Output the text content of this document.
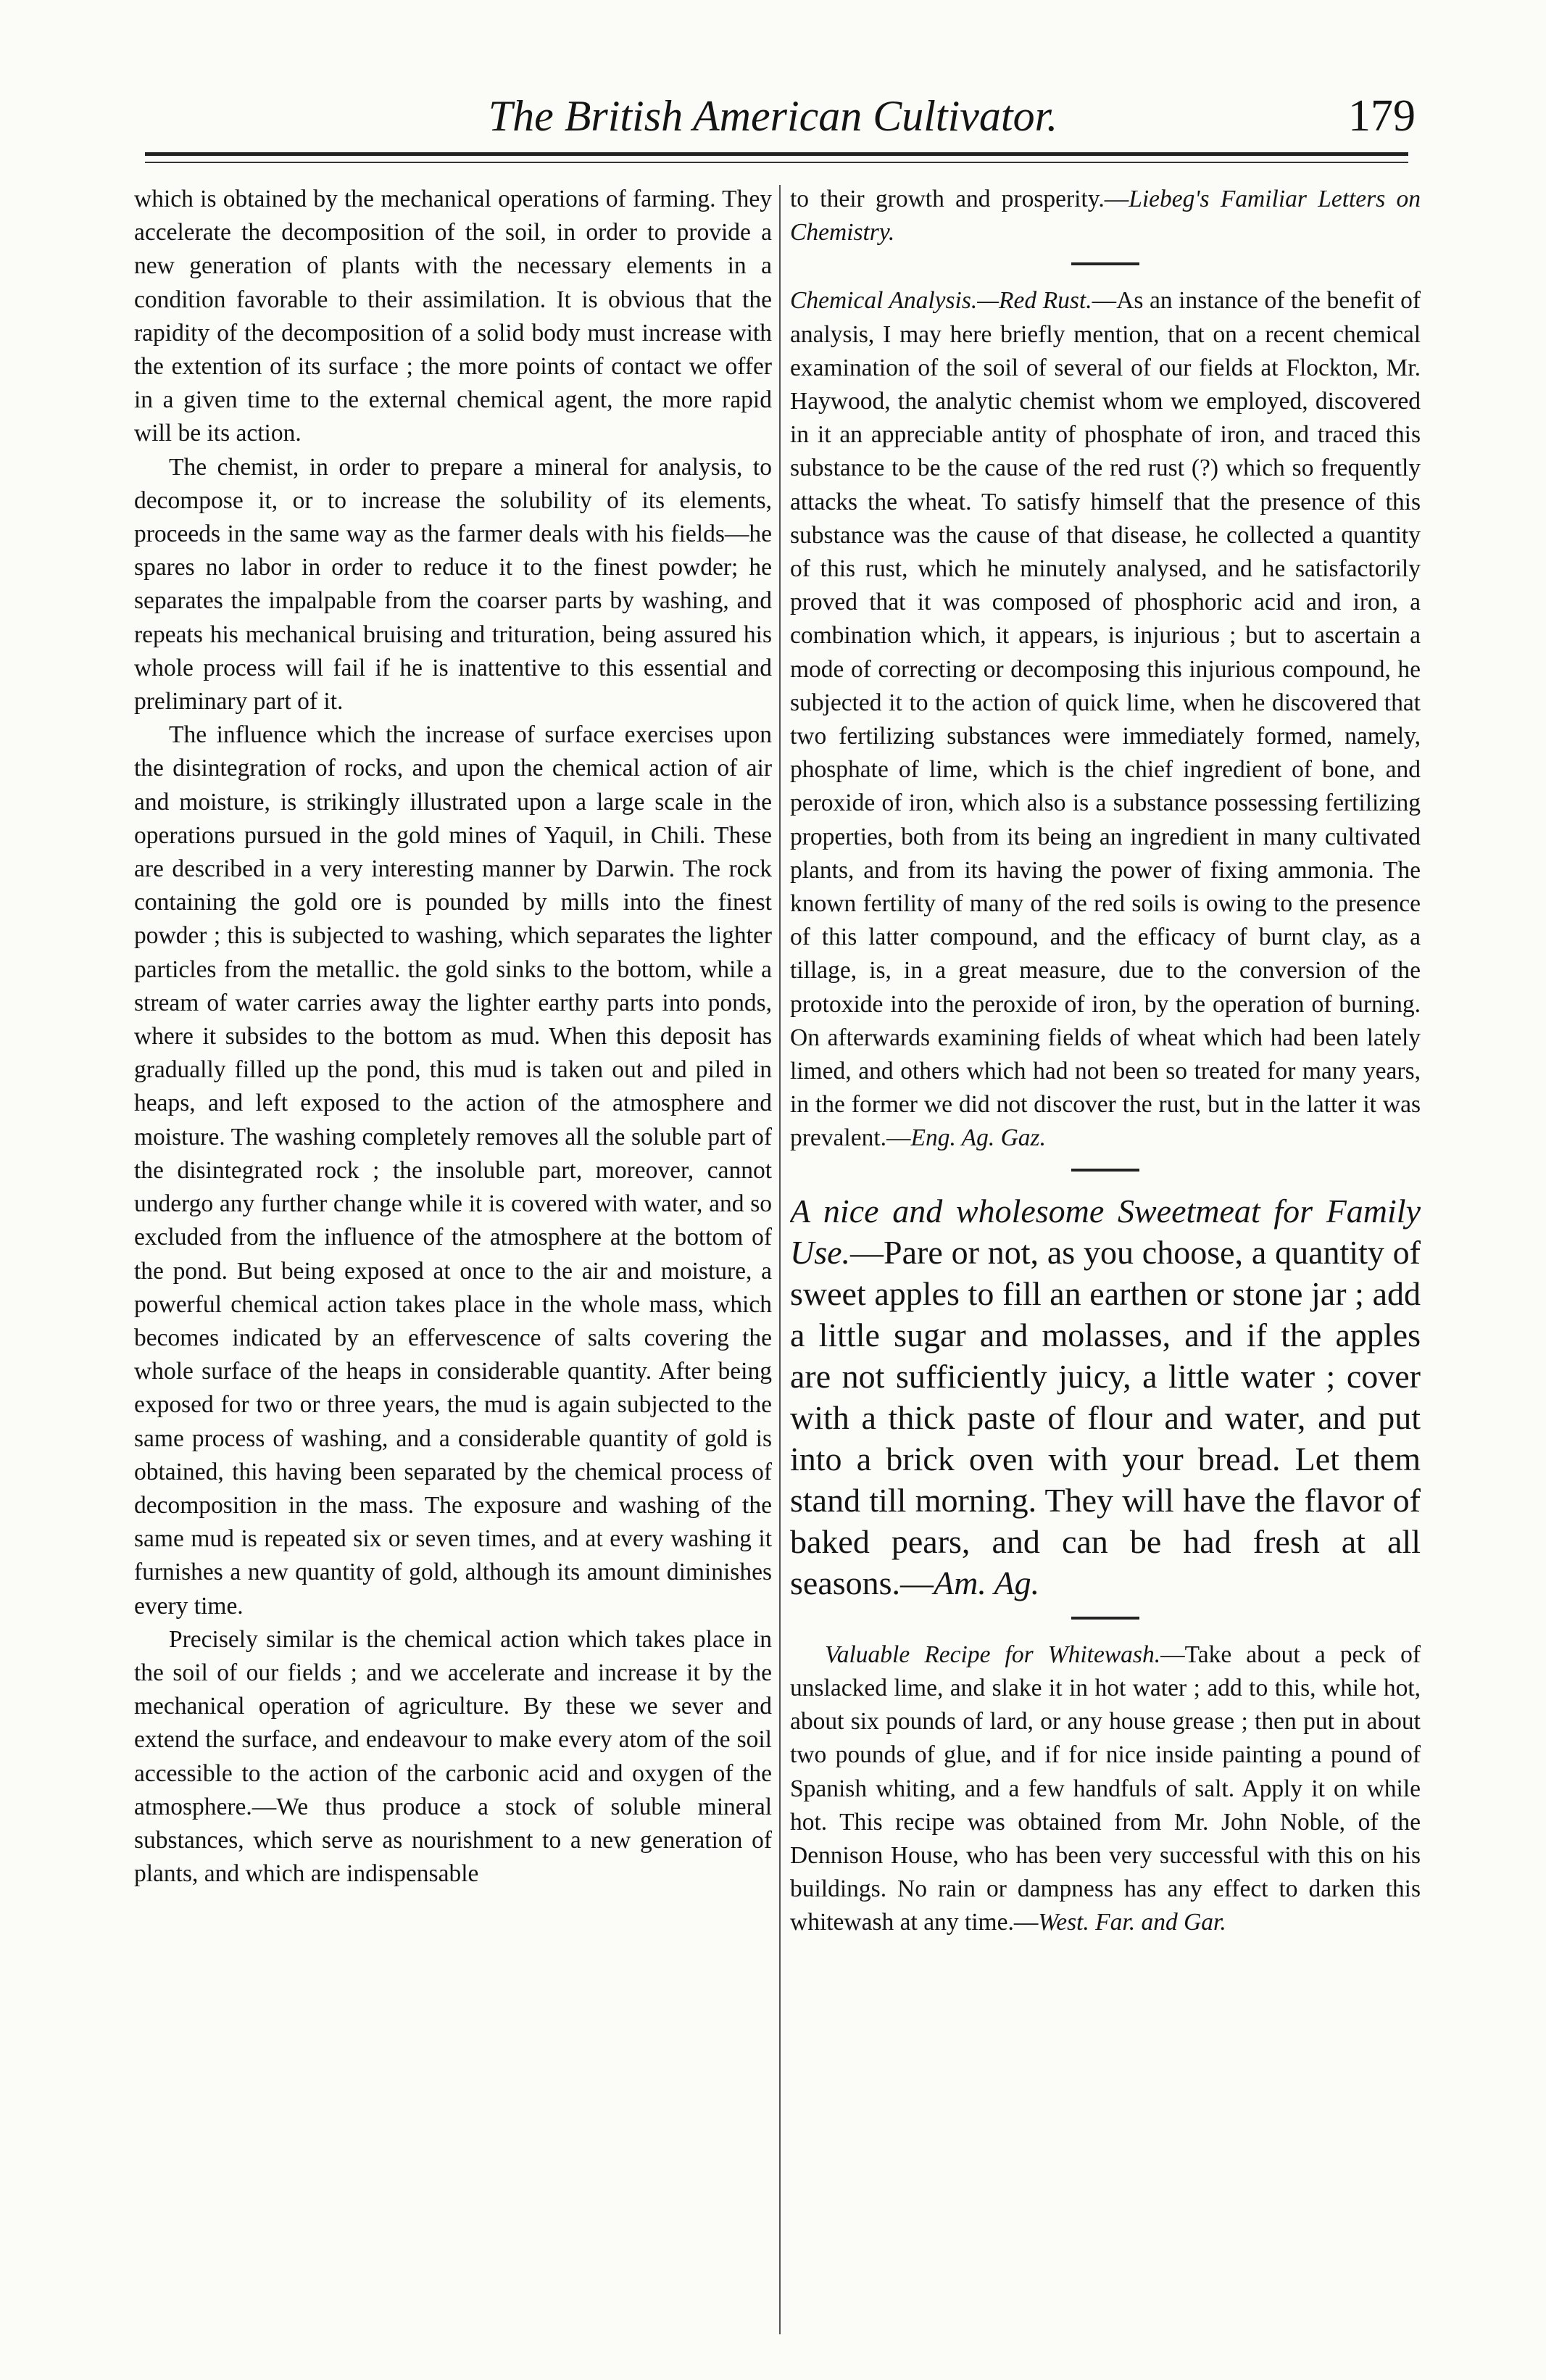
The British American Cultivator.	179

which is obtained by the mechanical operations of farming. They accelerate the decomposition of the soil, in order to provide a new generation of plants with the necessary elements in a condition favorable to their assimilation. It is obvious that the rapidity of the decomposition of a solid body must increase with the extention of its surface ; the more points of contact we offer in a given time to the external chemical agent, the more rapid will be its action.

The chemist, in order to prepare a mineral for analysis, to decompose it, or to increase the solubility of its elements, proceeds in the same way as the farmer deals with his fields—he spares no labor in order to reduce it to the finest powder; he separates the impalpable from the coarser parts by washing, and repeats his mechanical bruising and trituration, being assured his whole process will fail if he is inattentive to this essential and preliminary part of it.

The influence which the increase of surface exercises upon the disintegration of rocks, and upon the chemical action of air and moisture, is strikingly illustrated upon a large scale in the operations pursued in the gold mines of Yaquil, in Chili. These are described in a very interesting manner by Darwin. The rock containing the gold ore is pounded by mills into the finest powder ; this is subjected to washing, which separates the lighter particles from the metallic. the gold sinks to the bottom, while a stream of water carries away the lighter earthy parts into ponds, where it subsides to the bottom as mud. When this deposit has gradually filled up the pond, this mud is taken out and piled in heaps, and left exposed to the action of the atmosphere and moisture. The washing completely removes all the soluble part of the disintegrated rock ; the insoluble part, moreover, cannot undergo any further change while it is covered with water, and so excluded from the influence of the atmosphere at the bottom of the pond. But being exposed at once to the air and moisture, a powerful chemical action takes place in the whole mass, which becomes indicated by an effervescence of salts covering the whole surface of the heaps in considerable quantity. After being exposed for two or three years, the mud is again subjected to the same process of washing, and a considerable quantity of gold is obtained, this having been separated by the chemical process of decomposition in the mass. The exposure and washing of the same mud is repeated six or seven times, and at every washing it furnishes a new quantity of gold, although its amount diminishes every time.

Precisely similar is the chemical action which takes place in the soil of our fields ; and we accelerate and increase it by the mechanical operation of agriculture. By these we sever and extend the surface, and endeavour to make every atom of the soil accessible to the action of the carbonic acid and oxygen of the atmosphere.—We thus produce a stock of soluble mineral substances, which serve as nourishment to a new generation of plants, and which are indispensable

to their growth and prosperity.—Liebeg's Familiar Letters on Chemistry.

Chemical Analysis.—Red Rust.—As an instance of the benefit of analysis, I may here briefly mention, that on a recent chemical examination of the soil of several of our fields at Flockton, Mr. Haywood, the analytic chemist whom we employed, discovered in it an appreciable antity of phosphate of iron, and traced this substance to be the cause of the red rust (?) which so frequently attacks the wheat. To satisfy himself that the presence of this substance was the cause of that disease, he collected a quantity of this rust, which he minutely analysed, and he satisfactorily proved that it was composed of phosphoric acid and iron, a combination which, it appears, is injurious ; but to ascertain a mode of correcting or decomposing this injurious compound, he subjected it to the action of quick lime, when he discovered that two fertilizing substances were immediately formed, namely, phosphate of lime, which is the chief ingredient of bone, and peroxide of iron, which also is a substance possessing fertilizing properties, both from its being an ingredient in many cultivated plants, and from its having the power of fixing ammonia. The known fertility of many of the red soils is owing to the presence of this latter compound, and the efficacy of burnt clay, as a tillage, is, in a great measure, due to the conversion of the protoxide into the peroxide of iron, by the operation of burning. On afterwards examining fields of wheat which had been lately limed, and others which had not been so treated for many years, in the former we did not discover the rust, but in the latter it was prevalent.—Eng. Ag. Gaz.

A nice and wholesome Sweetmeat for Family Use.—Pare or not, as you choose, a quantity of sweet apples to fill an earthen or stone jar ; add a little sugar and molasses, and if the apples are not sufficiently juicy, a little water ; cover with a thick paste of flour and water, and put into a brick oven with your bread. Let them stand till morning. They will have the flavor of baked pears, and can be had fresh at all seasons.—Am. Ag.

Valuable Recipe for Whitewash.—Take about a peck of unslacked lime, and slake it in hot water ; add to this, while hot, about six pounds of lard, or any house grease ; then put in about two pounds of glue, and if for nice inside painting a pound of Spanish whiting, and a few handfuls of salt. Apply it on while hot. This recipe was obtained from Mr. John Noble, of the Dennison House, who has been very successful with this on his buildings. No rain or dampness has any effect to darken this whitewash at any time.—West. Far. and Gar.
